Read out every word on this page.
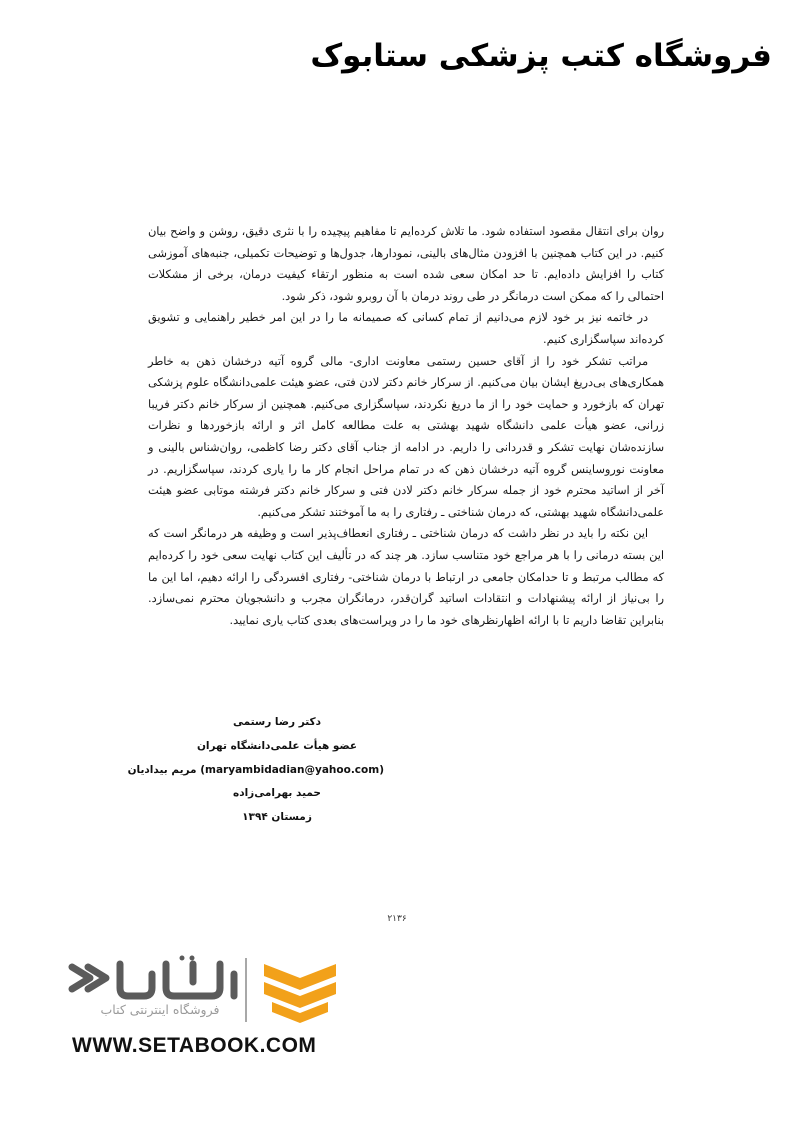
فروشگاه کتب پزشکی ستابوک

روان برای انتقال مقصود استفاده شود. ما تلاش کرده‌ایم تا مفاهیم پیچیده را با نثری دقیق، روشن و واضح بیان کنیم. در این کتاب همچنین با افزودن مثال‌های بالینی، نمودارها، جدول‌ها و توضیحات تکمیلی، جنبه‌های آموزشی کتاب را افزایش داده‌ایم. تا حد امکان سعی شده است به منظور ارتقاء کیفیت درمان، برخی از مشکلات احتمالی را که ممکن است درمانگر در طی روند درمان با آن روبرو شود، ذکر شود.

در خاتمه نیز بر خود لازم می‌دانیم از تمام کسانی که صمیمانه ما را در این امر خطیر راهنمایی و تشویق کرده‌اند سپاسگزاری کنیم.

مراتب تشکر خود را از آقای حسین رستمی معاونت اداری- مالی گروه آتیه درخشان ذهن به خاطر همکاری‌های بی‌دریغ ایشان بیان می‌کنیم. از سرکار خانم دکتر لادن فتی، عضو هیئت علمی‌دانشگاه علوم پزشکی تهران که بازخورد و حمایت خود را از ما دریغ نکردند، سپاسگزاری می‌کنیم. همچنین از سرکار خانم دکتر فریبا زرانی، عضو هیأت علمی دانشگاه شهید بهشتی به علت مطالعه کامل اثر و ارائه بازخوردها و نظرات سازنده‌شان نهایت تشکر و قدردانی را داریم. در ادامه از جناب آقای دکتر رضا کاظمی، روان‌شناس بالینی و معاونت نوروساینس گروه آتیه درخشان ذهن که در تمام مراحل انجام کار ما را یاری کردند، سپاسگزاریم. در آخر از اساتید محترم خود از جمله سرکار خانم دکتر لادن فتی و سرکار خانم دکتر فرشته موتابی عضو هیئت علمی‌دانشگاه شهید بهشتی، که درمان شناختی ـ رفتاری را به ما آموختند تشکر می‌کنیم.

این نکته را باید در نظر داشت که درمان شناختی ـ رفتاری انعطاف‌پذیر است و وظیفه هر درمانگر است که این بسته درمانی را با هر مراجع خود متناسب سازد. هر چند که در تألیف این کتاب نهایت سعی خود را کرده‌ایم که مطالب مرتبط و تا حدامکان جامعی در ارتباط با درمان شناختی- رفتاری افسردگی را ارائه دهیم، اما این ما را بی‌نیاز از ارائه پیشنهادات و انتقادات اساتید گران‌قدر، درمانگران مجرب و دانشجویان محترم نمی‌سازد. بنابراین تقاضا داریم تا با ارائه اظهارنظرهای خود ما را در ویراست‌های بعدی کتاب یاری نمایید.

دکتر رضا رستمی
عضو هیأت علمی‌دانشگاه تهران
(maryambidadian@yahoo.com) مریم بیدادیان
حمید بهرامی‌زاده
زمستان ۱۳۹۴
۲۱۳۶
فروشگاه اینترنتی کتاب
WWW.SETABOOK.COM
